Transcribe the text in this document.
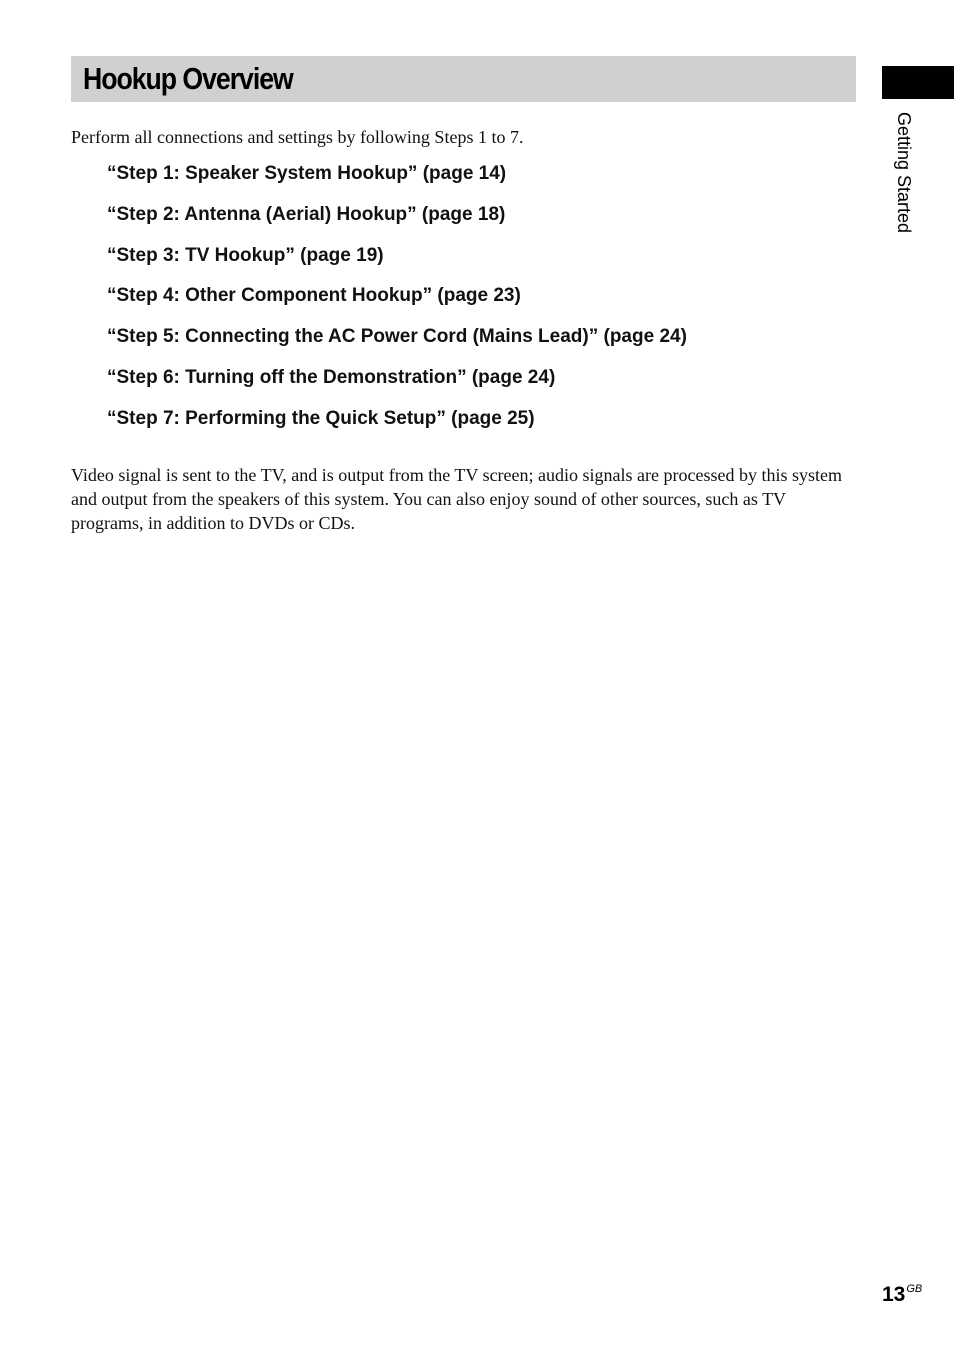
Hookup Overview
Getting Started
Perform all connections and settings by following Steps 1 to 7.
“Step 1: Speaker System Hookup” (page 14)
“Step 2: Antenna (Aerial) Hookup” (page 18)
“Step 3: TV Hookup” (page 19)
“Step 4: Other Component Hookup” (page 23)
“Step 5: Connecting the AC Power Cord (Mains Lead)” (page 24)
“Step 6: Turning off the Demonstration” (page 24)
“Step 7: Performing the Quick Setup” (page 25)

Video signal is sent to the TV, and is output from the TV screen; audio signals are processed by this system and output from the speakers of this system. You can also enjoy sound of other sources, such as TV programs, in addition to DVDs or CDs.

$13^{GB}$
